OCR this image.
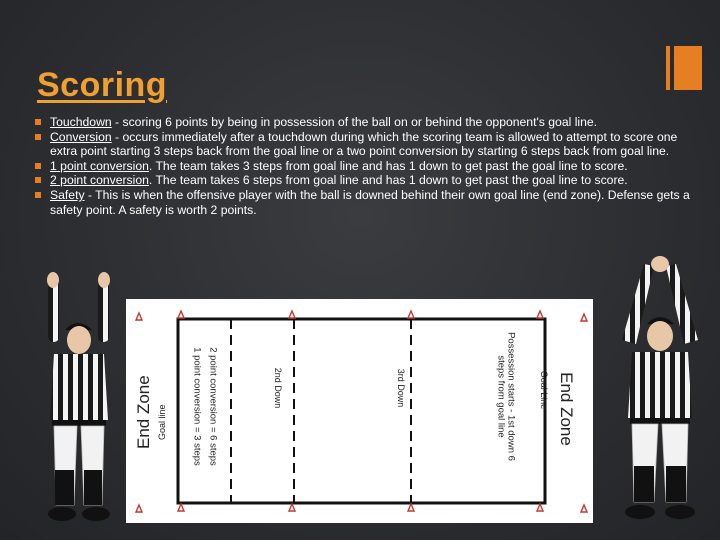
Scoring
Touchdown - scoring 6 points by being in possession of the ball on or behind the opponent's goal line.
Conversion - occurs immediately after a touchdown during which the scoring team is allowed to attempt to score one extra point starting 3 steps back from the goal line or a two point conversion by starting 6 steps back from goal line.
1 point conversion. The team takes 3 steps from goal line and has 1 down to get past the goal line to score.
2 point conversion. The team takes 6 steps from goal line and has 1 down to get past the goal line to score.
Safety - This is when the offensive player with the ball is downed behind their own goal line (end zone). Defense gets a safety point. A safety is worth 2 points.
End Zone Goal line	2 point conversion = 6 steps
1 point conversion = 3 steps	2nd Down	3rd Down	Possession starts - 1st down 6
steps from goal line	Goal Line End Zone
